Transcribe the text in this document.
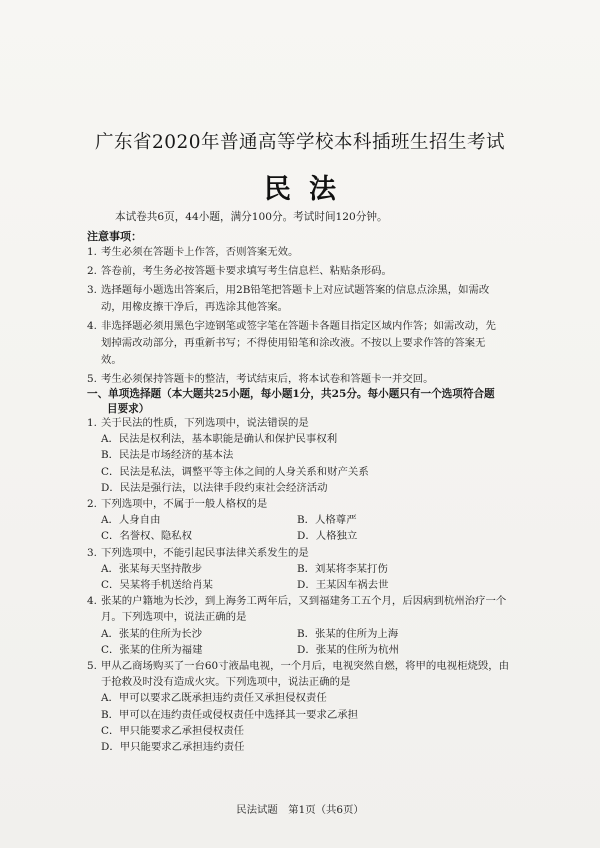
广东省2020年普通高等学校本科插班生招生考试
民法
本试卷共6页，44小题，满分100分。考试时间120分钟。
注意事项：
1. 考生必须在答题卡上作答，否则答案无效。
2. 答卷前，考生务必按答题卡要求填写考生信息栏、粘贴条形码。
3. 选择题每小题选出答案后，用2B铅笔把答题卡上对应试题答案的信息点涂黑，如需改动，用橡皮擦干净后，再选涂其他答案。
4. 非选择题必须用黑色字迹钢笔或签字笔在答题卡各题目指定区域内作答；如需改动，先划掉需改动部分，再重新书写；不得使用铅笔和涂改液。不按以上要求作答的答案无效。
5. 考生必须保持答题卡的整洁，考试结束后，将本试卷和答题卡一并交回。
一、单项选择题（本大题共25小题，每小题1分，共25分。每小题只有一个选项符合题
目要求）
1. 关于民法的性质，下列选项中，说法错误的是
A．民法是权利法，基本职能是确认和保护民事权利
B．民法是市场经济的基本法
C．民法是私法，调整平等主体之间的人身关系和财产关系
D．民法是强行法，以法律手段约束社会经济活动
2. 下列选项中，不属于一般人格权的是
A．人身自由	B．人格尊严
C．名誉权、隐私权	D．人格独立
3. 下列选项中，不能引起民事法律关系发生的是
A．张某每天坚持散步	B．刘某将李某打伤
C．吴某将手机送给肖某	D．王某因车祸去世
4. 张某的户籍地为长沙，到上海务工两年后，又到福建务工五个月，后因病到杭州治疗一个月。下列选项中，说法正确的是
A．张某的住所为长沙	B．张某的住所为上海
C．张某的住所为福建	D．张某的住所为杭州
5. 甲从乙商场购买了一台60寸液晶电视，一个月后，电视突然自燃，将甲的电视柜烧毁，由于抢救及时没有造成火灾。下列选项中，说法正确的是
A．甲可以要求乙既承担违约责任又承担侵权责任
B．甲可以在违约责任或侵权责任中选择其一要求乙承担
C．甲只能要求乙承担侵权责任
D．甲只能要求乙承担违约责任
民法试题　第1页（共6页）
